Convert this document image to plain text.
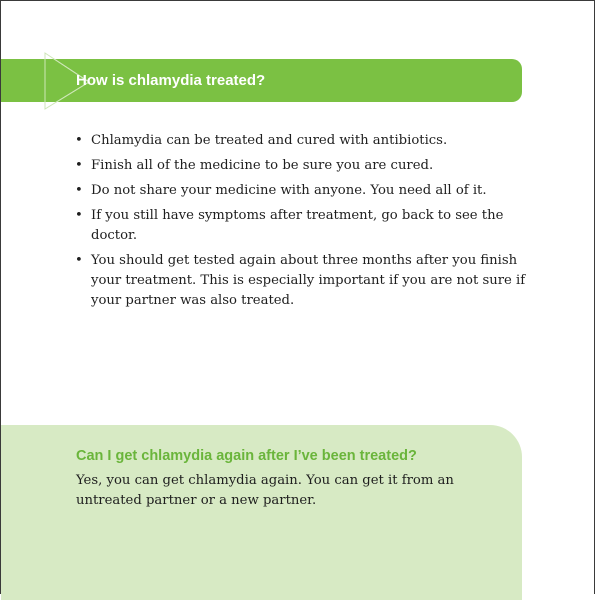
How is chlamydia treated?
• Chlamydia can be treated and cured with antibiotics.
• Finish all of the medicine to be sure you are cured.
• Do not share your medicine with anyone. You need all of it.
• If you still have symptoms after treatment, go back to see the doctor.
• You should get tested again about three months after you finish your treatment. This is especially important if you are not sure if your partner was also treated.
Can I get chlamydia again after I’ve been treated?

Yes, you can get chlamydia again. You can get it from an untreated partner or a new partner.
